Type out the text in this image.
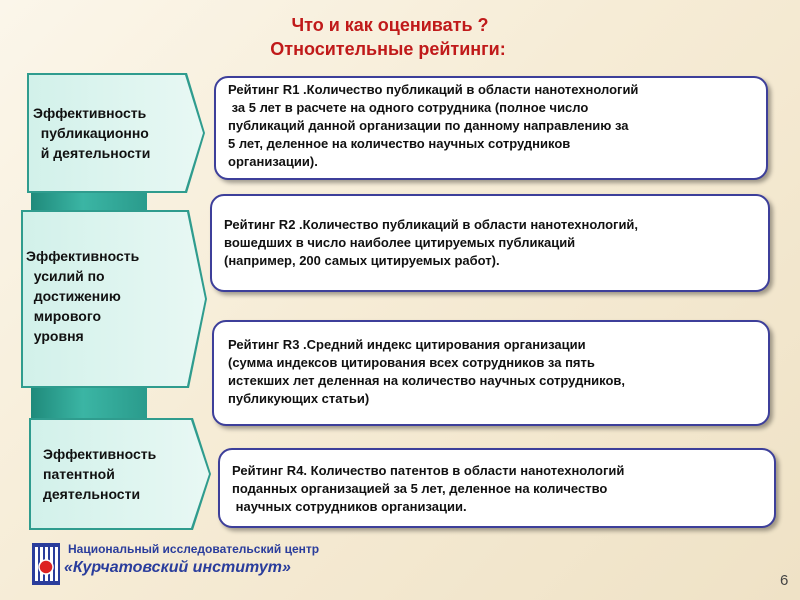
Что и как оценивать ?
Относительные рейтинги:
Эффективность
публикационно
й деятельности
Эффективность
усилий по
достижению
мирового
уровня
Эффективность
патентной
деятельности
Рейтинг R1 .Количество публикаций в области нанотехнологий
за 5 лет в расчете на одного сотрудника (полное число
публикаций данной организации по данному направлению за
5 лет, деленное на количество научных сотрудников
организации).
Рейтинг R2 .Количество публикаций в области нанотехнологий,
вошедших в число наиболее цитируемых публикаций
(например, 200 самых цитируемых работ).
Рейтинг R3 .Средний индекс цитирования организации
(сумма индексов цитирования всех сотрудников за пять
истекших лет деленная на количество научных сотрудников,
публикующих статьи)
Рейтинг R4. Количество патентов в области нанотехнологий
поданных организацией за 5 лет, деленное на количество
научных сотрудников организации.
Национальный исследовательский центр
«Курчатовский институт»
6
